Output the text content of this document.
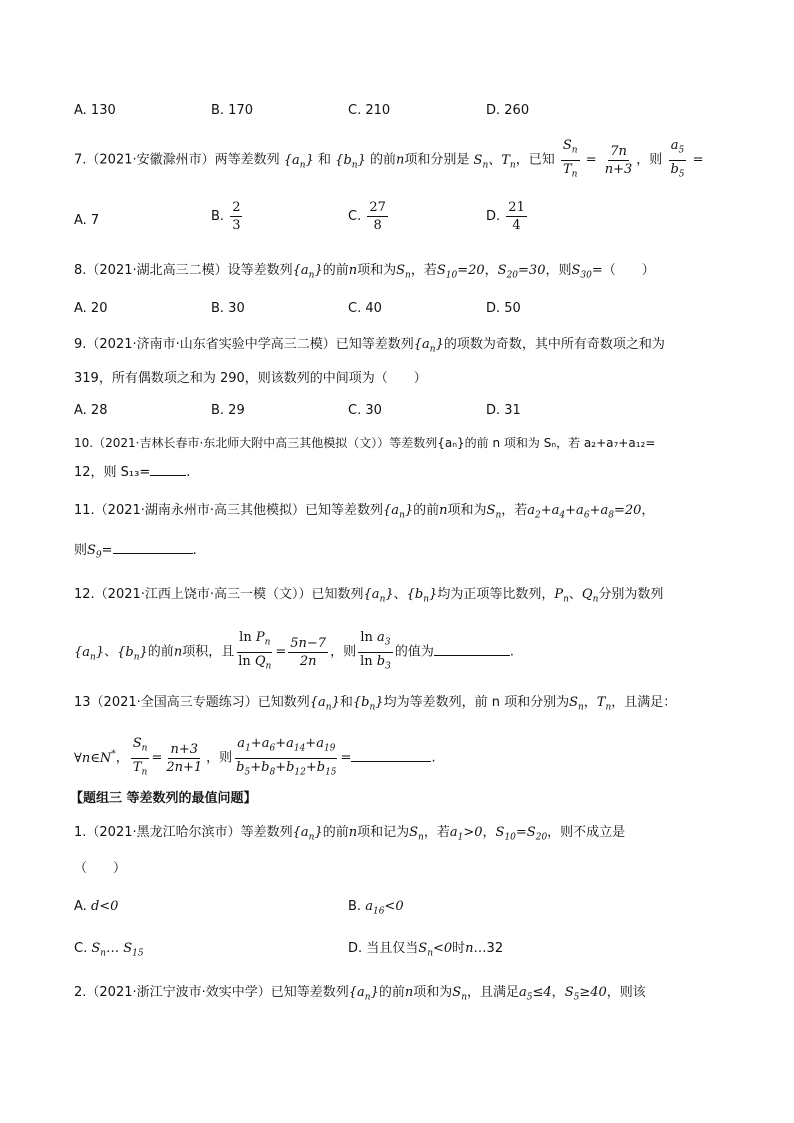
A. 130	B. 170	C. 210	D. 260
7.（2021·安徽滁州市）两等差数列 $\{a_n\}$ 和 $\{b_n\}$ 的前n项和分别是 $S_n$、$T_n$，已知 $\frac{S_n}{T_n} = \frac{7n}{n+3}$ ，则 $\frac{a_5}{b_5}$ =
A. 7	B. $\frac{2}{3}$	C. $\frac{27}{8}$	D. $\frac{21}{4}$
8.（2021·湖北高三二模）设等差数列$\{a_n\}$的前n项和为$S_n$，若$S_{10}=20$，$S_{20}=30$，则$S_{30}=$（　　）
A. 20	B. 30	C. 40	D. 50
9.（2021·济南市·山东省实验中学高三二模）已知等差数列$\{a_n\}$的项数为奇数，其中所有奇数项之和为
319，所有偶数项之和为 290，则该数列的中间项为（　　）
A. 28	B. 29	C. 30	D. 31
10.（2021·吉林长春市·东北师大附中高三其他模拟（文））等差数列{aₙ}的前 n 项和为 Sₙ，若 a₂+a₇+a₁₂=
12，则 S₁₃=	.
11.（2021·湖南永州市·高三其他模拟）已知等差数列$\{a_n\}$的前n项和为$S_n$，若$a_2+a_4+a_6+a_8=20$，
则$S_9=$	.
12.（2021·江西上饶市·高三一模（文））已知数列$\{a_n\}$、$\{b_n\}$均为正项等比数列，$P_n$、$Q_n$分别为数列
$\{a_n\}$、$\{b_n\}$的前n项积，且 $\frac{\ln P_n}{\ln Q_n} = \frac{5n-7}{2n}$ ，则 $\frac{\ln a_3}{\ln b_3}$ 的值为	.
13（2021·全国高三专题练习）已知数列$\{a_n\}$和$\{b_n\}$均为等差数列，前 n 项和分别为$S_n$，$T_n$，且满足：
∀n∈N*， $\frac{S_n}{T_n} = \frac{n+3}{2n+1}$ ，则 $\frac{a_1+a_6+a_{14}+a_{19}}{b_5+b_8+b_{12}+b_{15}}$ =	.
【题组三 等差数列的最值问题】
1.（2021·黑龙江哈尔滨市）等差数列$\{a_n\}$的前n项和记为$S_n$，若$a_1>0$，$S_{10}=S_{20}$，则不成立是
（　　）
A. d<0	B. $a_{16}<0$
C. $S_n\dots$ $S_{15}$	D. 当且仅当$S_n<0$时n…32
2.（2021·浙江宁波市·效实中学）已知等差数列$\{a_n\}$的前n项和为$S_n$，且满足$a_5\le 4$，$S_5\ge 40$，则该
